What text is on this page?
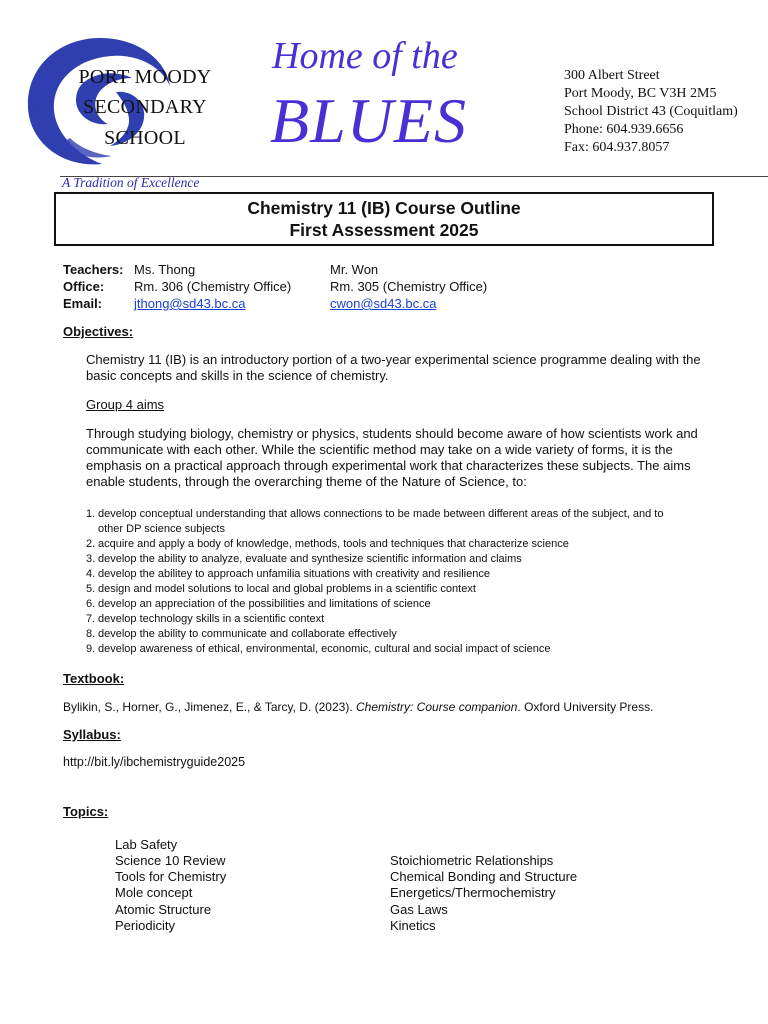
PORT MOODY
SECONDARY
SCHOOL
Home of the
BLUES
300 Albert Street
Port Moody, BC V3H 2M5
School District 43 (Coquitlam)
Phone: 604.939.6656
Fax: 604.937.8057
A Tradition of Excellence
Chemistry 11 (IB) Course Outline
First Assessment 2025
Teachers:
Office:
Email:
Ms. Thong
Rm. 306 (Chemistry Office)
jthong@sd43.bc.ca
Mr. Won
Rm. 305 (Chemistry Office)
cwon@sd43.bc.ca
Objectives:
Chemistry 11 (IB) is an introductory portion of a two-year experimental science programme dealing with the basic concepts and skills in the science of chemistry.
Group 4 aims
Through studying biology, chemistry or physics, students should become aware of how scientists work and communicate with each other. While the scientific method may take on a wide variety of forms, it is the emphasis on a practical approach through experimental work that characterizes these subjects. The aims enable students, through the overarching theme of the Nature of Science, to:
1. develop conceptual understanding that allows connections to be made between different areas of the subject, and to other DP science subjects
2. acquire and apply a body of knowledge, methods, tools and techniques that characterize science
3. develop the ability to analyze, evaluate and synthesize scientific information and claims
4. develop the abilitey to approach unfamilia situations with creativity and resilience
5. design and model solutions to local and global problems in a scientific context
6. develop an appreciation of the possibilities and limitations of science
7. develop technology skills in a scientific context
8. develop the ability to communicate and collaborate effectively
9. develop awareness of ethical, environmental, economic, cultural and social impact of science
Textbook:
Bylikin, S., Horner, G., Jimenez, E., & Tarcy, D. (2023). Chemistry: Course companion. Oxford University Press.
Syllabus:
http://bit.ly/ibchemistryguide2025
Topics:
Lab Safety
Science 10 Review
Tools for Chemistry
Mole concept
Atomic Structure
Periodicity
Stoichiometric Relationships
Chemical Bonding and Structure
Energetics/Thermochemistry
Gas Laws
Kinetics
